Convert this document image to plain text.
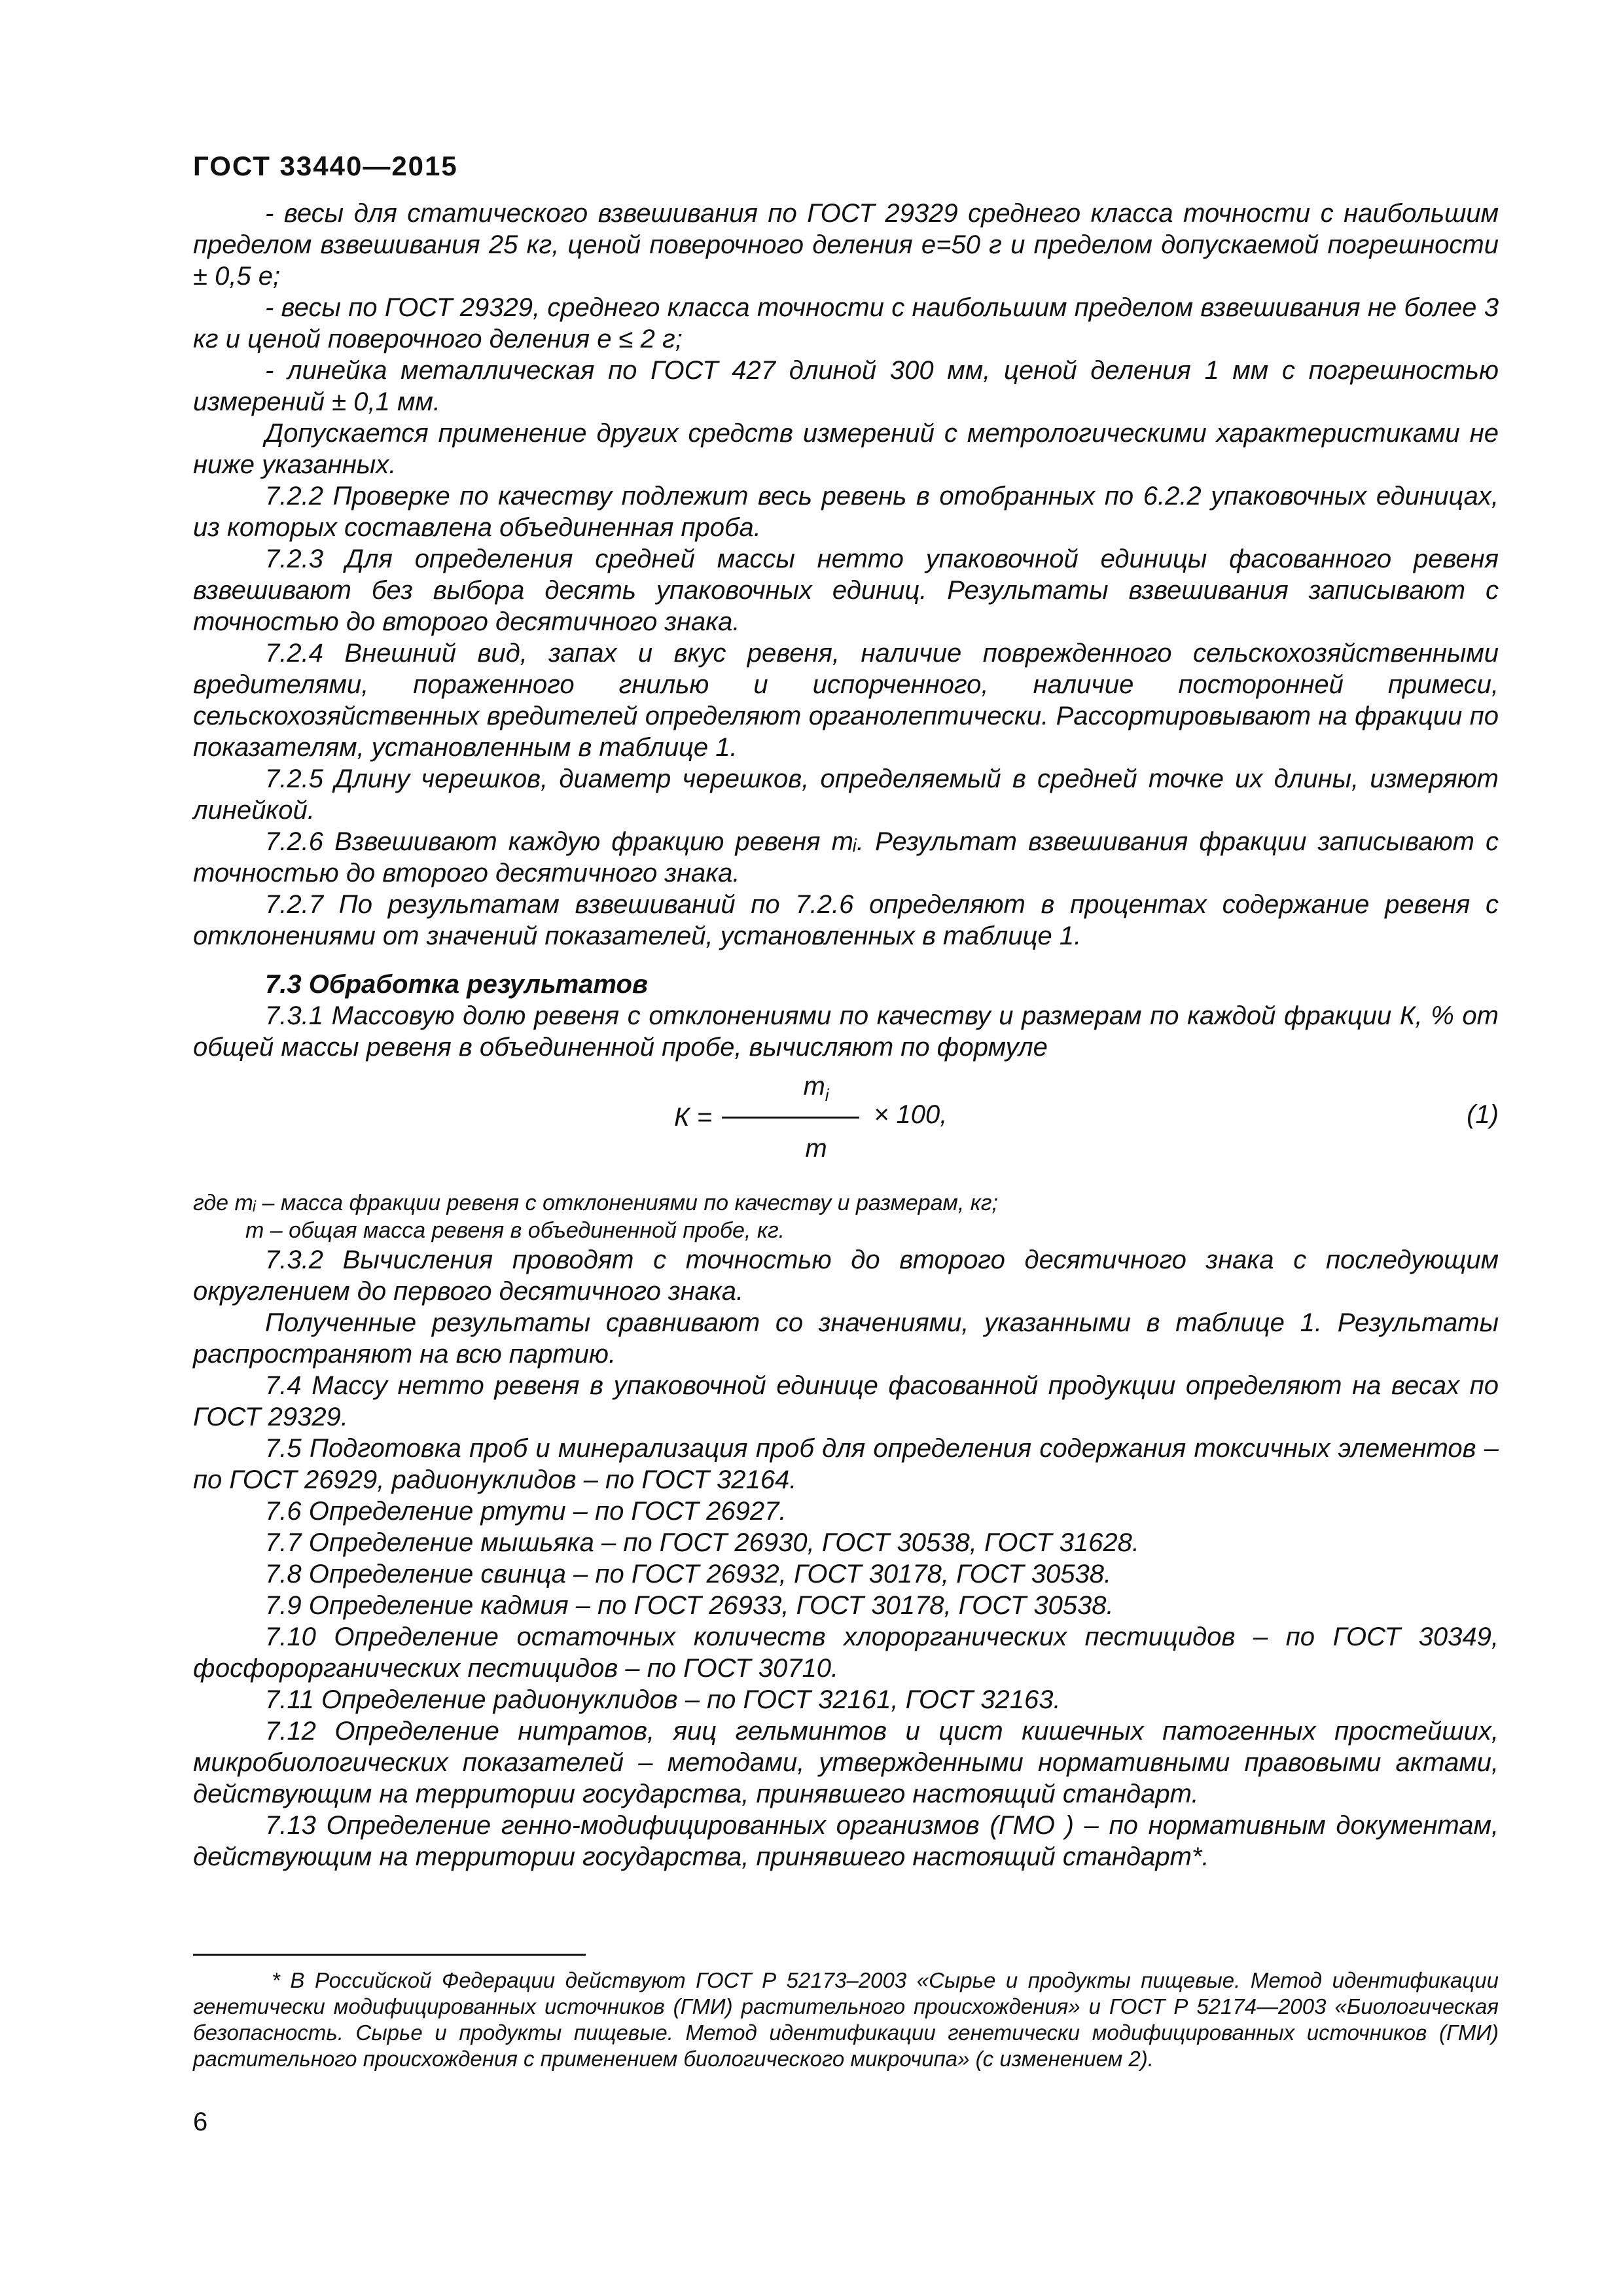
ГОСТ 33440—2015

- весы для статического взвешивания по ГОСТ 29329 среднего класса точности с наибольшим пределом взвешивания 25 кг, ценой поверочного деления e=50 г и пределом допускаемой погрешности ± 0,5 е;

- весы по ГОСТ 29329, среднего класса точности с наибольшим пределом взвешивания не более 3 кг и ценой поверочного деления е ≤ 2 г;

- линейка металлическая по ГОСТ 427 длиной 300 мм, ценой деления 1 мм с погрешностью измерений ± 0,1 мм.

Допускается применение других средств измерений с метрологическими характеристиками не ниже указанных.

7.2.2 Проверке по качеству подлежит весь ревень в отобранных по 6.2.2 упаковочных единицах, из которых составлена объединенная проба.

7.2.3 Для определения средней массы нетто упаковочной единицы фасованного ревеня взвешивают без выбора десять упаковочных единиц. Результаты взвешивания записывают с точностью до второго десятичного знака.

7.2.4 Внешний вид, запах и вкус ревеня, наличие поврежденного сельскохозяйственными вредителями, пораженного гнилью и испорченного, наличие посторонней примеси, сельскохозяйственных вредителей определяют органолептически. Рассортировывают на фракции по показателям, установленным в таблице 1.

7.2.5 Длину черешков, диаметр черешков, определяемый в средней точке их длины, измеряют линейкой.

7.2.6 Взвешивают каждую фракцию ревеня mᵢ. Результат взвешивания фракции записывают с точностью до второго десятичного знака.

7.2.7 По результатам взвешиваний по 7.2.6 определяют в процентах содержание ревеня с отклонениями от значений показателей, установленных в таблице 1.

7.3 Обработка результатов

7.3.1 Массовую долю ревеня с отклонениями по качеству и размерам по каждой фракции К, % от общей массы ревеня в объединенной пробе, вычисляют по формуле

$m_i$
К =
m
× 100,	(1)

где mᵢ – масса фракции ревеня с отклонениями по качеству и размерам, кг;

m – общая масса ревеня в объединенной пробе, кг.

7.3.2 Вычисления проводят с точностью до второго десятичного знака с последующим округлением до первого десятичного знака.

Полученные результаты сравнивают со значениями, указанными в таблице 1. Результаты распространяют на всю партию.

7.4 Массу нетто ревеня в упаковочной единице фасованной продукции определяют на весах по ГОСТ 29329.

7.5 Подготовка проб и минерализация проб для определения содержания токсичных элементов – по ГОСТ 26929, радионуклидов – по ГОСТ 32164.

7.6 Определение ртути – по ГОСТ 26927.

7.7 Определение мышьяка – по ГОСТ 26930, ГОСТ 30538, ГОСТ 31628.

7.8 Определение свинца – по ГОСТ 26932, ГОСТ 30178, ГОСТ 30538.

7.9 Определение кадмия – по ГОСТ 26933, ГОСТ 30178, ГОСТ 30538.

7.10 Определение остаточных количеств хлорорганических пестицидов – по ГОСТ 30349, фосфорорганических пестицидов – по ГОСТ 30710.

7.11 Определение радионуклидов – по ГОСТ 32161, ГОСТ 32163.

7.12 Определение нитратов, яиц гельминтов и цист кишечных патогенных простейших, микробиологических показателей – методами, утвержденными нормативными правовыми актами, действующим на территории государства, принявшего настоящий стандарт.

7.13 Определение генно-модифицированных организмов (ГМО ) – по нормативным документам, действующим на территории государства, принявшего настоящий стандарт*.

* В Российской Федерации действуют ГОСТ Р 52173–2003 «Сырье и продукты пищевые. Метод идентификации генетически модифицированных источников (ГМИ) растительного происхождения» и ГОСТ Р 52174—2003 «Биологическая безопасность. Сырье и продукты пищевые. Метод идентификации генетически модифицированных источников (ГМИ) растительного происхождения с применением биологического микрочипа» (с изменением 2).
6
